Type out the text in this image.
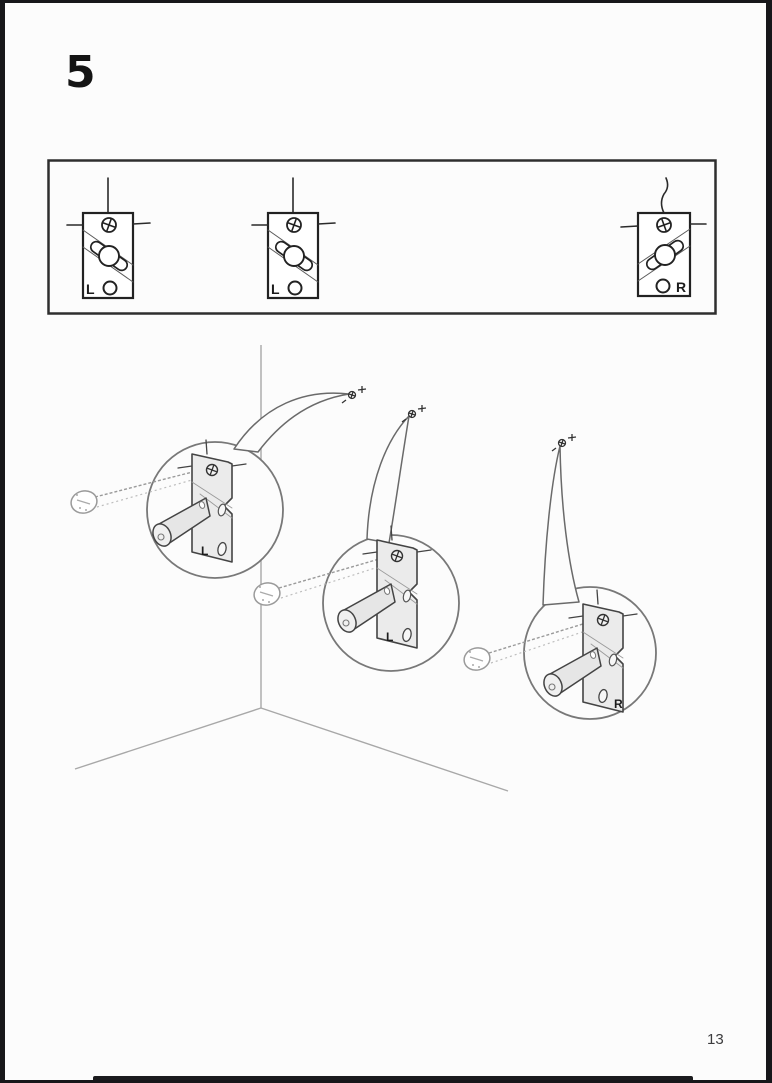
5
L	L	R
L
L
R
13
